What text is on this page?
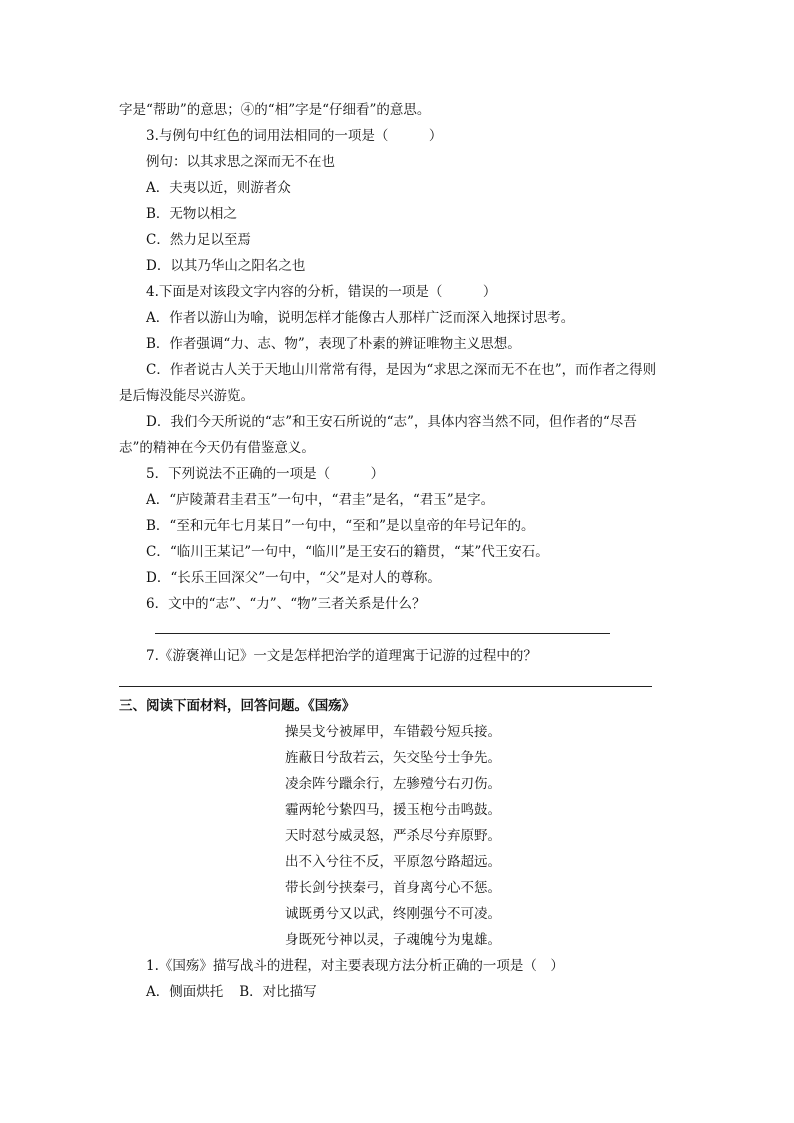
字是“帮助”的意思；④的“相”字是“仔细看”的意思。
3.与例句中红色的词用法相同的一项是（　　　）
例句：以其求思之深而无不在也
A．夫夷以近，则游者众
B．无物以相之
C．然力足以至焉
D．以其乃华山之阳名之也
4.下面是对该段文字内容的分析，错误的一项是（　　　）
A．作者以游山为喻，说明怎样才能像古人那样广泛而深入地探讨思考。
B．作者强调“力、志、物”，表现了朴素的辨证唯物主义思想。
C．作者说古人关于天地山川常常有得，是因为“求思之深而无不在也”，而作者之得则
是后悔没能尽兴游览。
D．我们今天所说的“志”和王安石所说的“志”，具体内容当然不同，但作者的“尽吾
志”的精神在今天仍有借鉴意义。
5．下列说法不正确的一项是（　　　）
A．“庐陵萧君圭君玉”一句中，“君圭”是名，“君玉”是字。
B．“至和元年七月某日”一句中，“至和”是以皇帝的年号记年的。
C．“临川王某记”一句中，“临川”是王安石的籍贯，“某”代王安石。
D．“长乐王回深父”一句中，“父”是对人的尊称。
6．文中的“志”、“力”、“物”三者关系是什么？
7.《游褒禅山记》一文是怎样把治学的道理寓于记游的过程中的？
三、阅读下面材料，回答问题。《国殇》
操吴戈兮被犀甲，车错毂兮短兵接。
旌蔽日兮敌若云，矢交坠兮士争先。
凌余阵兮躐余行，左骖殪兮右刃伤。
霾两轮兮絷四马，援玉枹兮击鸣鼓。
天时怼兮威灵怒，严杀尽兮弃原野。
出不入兮往不反，平原忽兮路超远。
带长剑兮挟秦弓，首身离兮心不惩。
诚既勇兮又以武，终刚强兮不可凌。
身既死兮神以灵，子魂魄兮为鬼雄。
1.《国殇》描写战斗的进程，对主要表现方法分析正确的一项是（　）
A．侧面烘托 B．对比描写
